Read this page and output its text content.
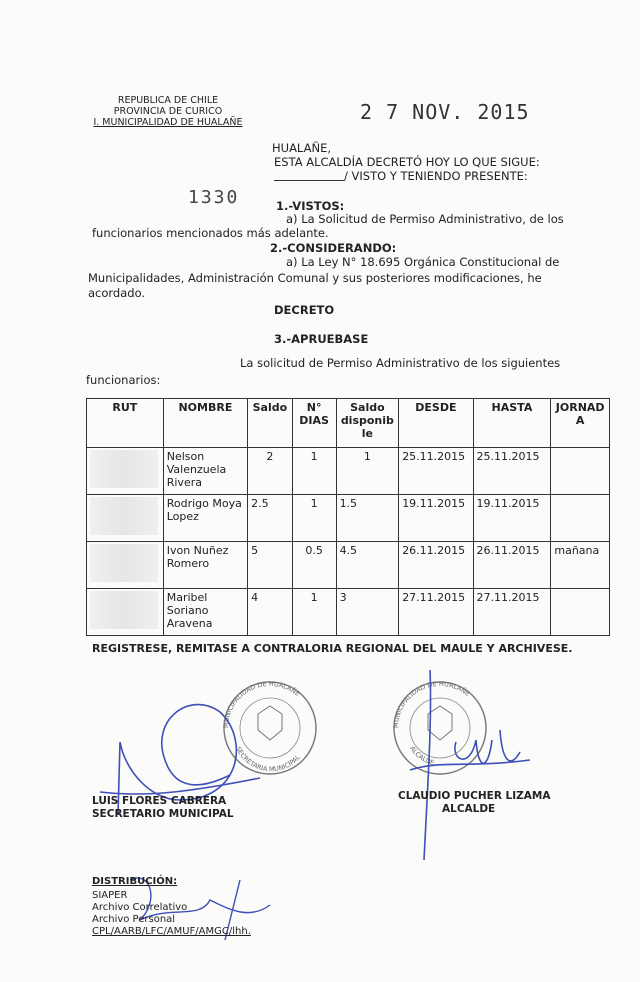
REPUBLICA DE CHILE
PROVINCIA DE CURICO
I. MUNICIPALIDAD DE HUALAÑE	2 7 NOV. 2015
HUALAÑE,
ESTA ALCALDÍA DECRETÓ HOY LO QUE SIGUE:
/ VISTO Y TENIENDO PRESENTE:
1330	1.-VISTOS:
a) La Solicitud de Permiso Administrativo, de los
funcionarios mencionados más adelante.
2.-CONSIDERANDO:
a) La Ley N° 18.695 Orgánica Constitucional de
Municipalidades, Administración Comunal y sus posteriores modificaciones, he
acordado.
DECRETO
3.-APRUEBASE
La solicitud de Permiso Administrativo de los siguientes
funcionarios:
RUT	NOMBRE	Saldo	N° DIAS	Saldo disponib le	DESDE	HASTA	JORNAD A

	Nelson Valenzuela Rivera	2	1	1	25.11.2015	25.11.2015	

	Rodrigo Moya Lopez	2.5	1	1.5	19.11.2015	19.11.2015	

	Ivon Nuñez Romero	5	0.5	4.5	26.11.2015	26.11.2015	mañana

	Maribel Soriano Aravena	4	1	3	27.11.2015	27.11.2015	
REGISTRESE, REMITASE A CONTRALORIA REGIONAL DEL MAULE Y ARCHIVESE.
MUNICIPALIDAD DE HUALAÑE
SECRETARIA MUNICIPAL
MUNICIPALIDAD DE HUALAÑE
ALCALDE
LUIS FLORES CABRERA
SECRETARIO MUNICIPAL
CLAUDIO PUCHER LIZAMA
ALCALDE
DISTRIBUCIÓN:
SIAPER
Archivo Correlativo
Archivo Personal
CPL/AARB/LFC/AMUF/AMGC/lhh.
